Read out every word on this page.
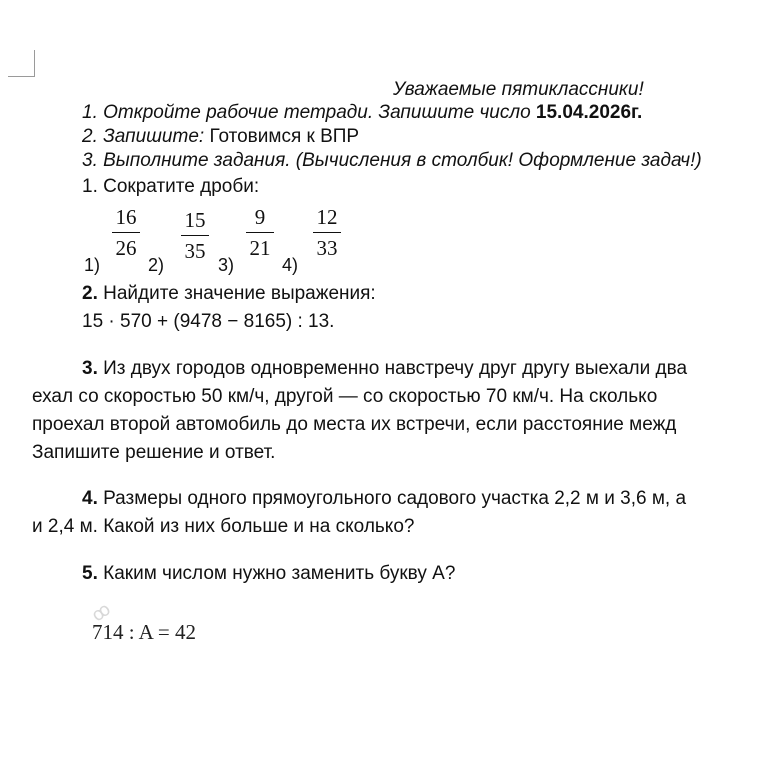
Уважаемые пятиклассники!
1. Откройте рабочие тетради. Запишите число 15.04.2026г.
2. Запишите: Готовимся к ВПР
3. Выполните задания. (Вычисления в столбик! Оформление задач!)
1. Сократите дроби:
1)
16
26
2)
15
35
3)
9
21
4)
12
33
2. Найдите значение выражения:
15 · 570 + (9478 − 8165) : 13.
3. Из двух городов одновременно навстречу друг другу выехали два
ехал со скоростью 50 км/ч, другой — со скоростью 70 км/ч. На сколько
проехал второй автомобиль до места их встречи, если расстояние межд
Запишите решение и ответ.
4. Размеры одного прямоугольного садового участка 2,2 м и 3,6 м, а
и 2,4 м. Какой из них больше и на сколько?
5. Каким числом нужно заменить букву А?
ꝏ
714 : A = 42
